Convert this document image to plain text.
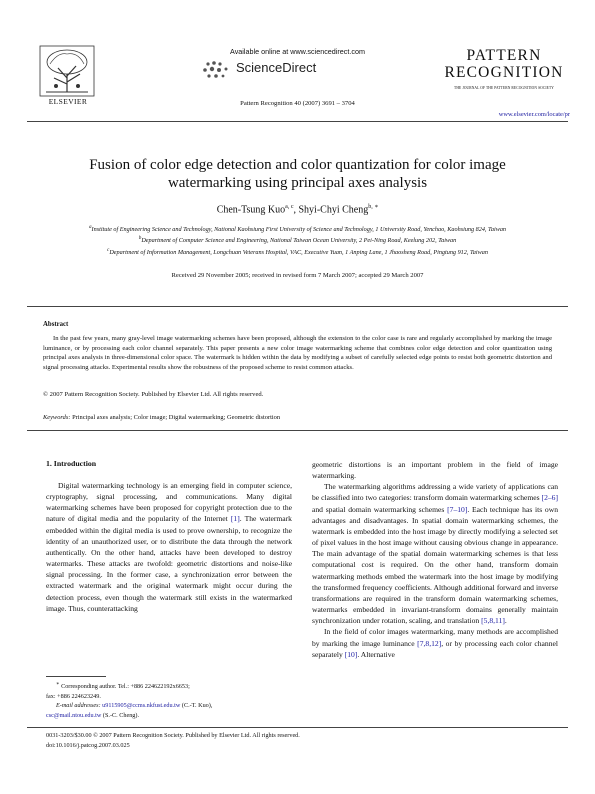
ELSEVIER
Available online at www.sciencedirect.com
ScienceDirect
Pattern Recognition 40 (2007) 3691 – 3704
PATTERN
RECOGNITION
THE JOURNAL OF THE PATTERN RECOGNITION SOCIETY
www.elsevier.com/locate/pr
Fusion of color edge detection and color quantization for color image
watermarking using principal axes analysis
Chen-Tsung Kuo$^{a, c}$, Shyi-Chyi Cheng$^{b, ∗}$
$^a$Institute of Engineering Science and Technology, National Kaohsiung First University of Science and Technology, 1 University Road, Yenchao, Kaohsiung 824, Taiwan
$^b$Department of Computer Science and Engineering, National Taiwan Ocean University, 2 Pei-Ning Road, Keelung 202, Taiwan
$^c$Department of Information Management, Longchuan Veterans Hospital, VAC, Executive Yuan, 1 Anping Lane, 1 Jhaosheng Road, Pingtung 912, Taiwan
Received 29 November 2005; received in revised form 7 March 2007; accepted 29 March 2007
Abstract
In the past few years, many gray-level image watermarking schemes have been proposed, although the extension to the color case is rare and regularly accomplished by marking the image luminance, or by processing each color channel separately. This paper presents a new color image watermarking scheme that combines color edge detection and color quantization using principal axes analysis in three-dimensional color space. The watermark is hidden within the data by modifying a subset of carefully selected edge points to resist both geometric distortion and signal processing attacks. Experimental results show the robustness of the proposed scheme to resist common attacks.
© 2007 Pattern Recognition Society. Published by Elsevier Ltd. All rights reserved.
Keywords: Principal axes analysis; Color image; Digital watermarking; Geometric distortion
1. Introduction

Digital watermarking technology is an emerging field in computer science, cryptography, signal processing, and communications. Many digital watermarking schemes have been proposed for copyright protection due to the nature of digital media and the popularity of the Internet [1]. The watermark embedded within the digital media is used to prove ownership, to recognize the identity of an unauthorized user, or to distribute the data through the network authentically. On the other hand, attacks have been developed to destroy watermarks. These attacks are twofold: geometric distortions and noise-like signal processing. In the former case, a synchronization error between the extracted watermark and the original watermark might occur during the detection process, even though the watermark still exists in the watermarked image. Thus, counterattacking

geometric distortions is an important problem in the field of image watermarking.

The watermarking algorithms addressing a wide variety of applications can be classified into two categories: transform domain watermarking schemes [2–6] and spatial domain watermarking schemes [7–10]. Each technique has its own advantages and disadvantages. In spatial domain watermarking schemes, the watermark is embedded into the host image by directly modifying a selected set of pixel values in the host image without causing obvious change in appearance. The main advantage of the spatial domain watermarking schemes is that less computational cost is required. On the other hand, transform domain watermarking methods embed the watermark into the host image by modifying the transformed frequency coefficients. Although additional forward and inverse transformations are required in the transform domain watermarking schemes, watermarks embedded in invariant-transform domains generally maintain synchronization under rotation, scaling, and translation [5,8,11].

In the field of color images watermarking, many methods are accomplished by marking the image luminance [7,8,12], or by processing each color channel separately [10]. Alternative

∗ Corresponding author. Tel.: +886 224622192x6653;
fax: +886 224623249.
E-mail addresses: u9115905@ccms.nkfust.edu.tw (C.-T. Kuo),
csc@mail.ntou.edu.tw (S.-C. Cheng).
0031-3203/$30.00 © 2007 Pattern Recognition Society. Published by Elsevier Ltd. All rights reserved.
doi:10.1016/j.patcog.2007.03.025
